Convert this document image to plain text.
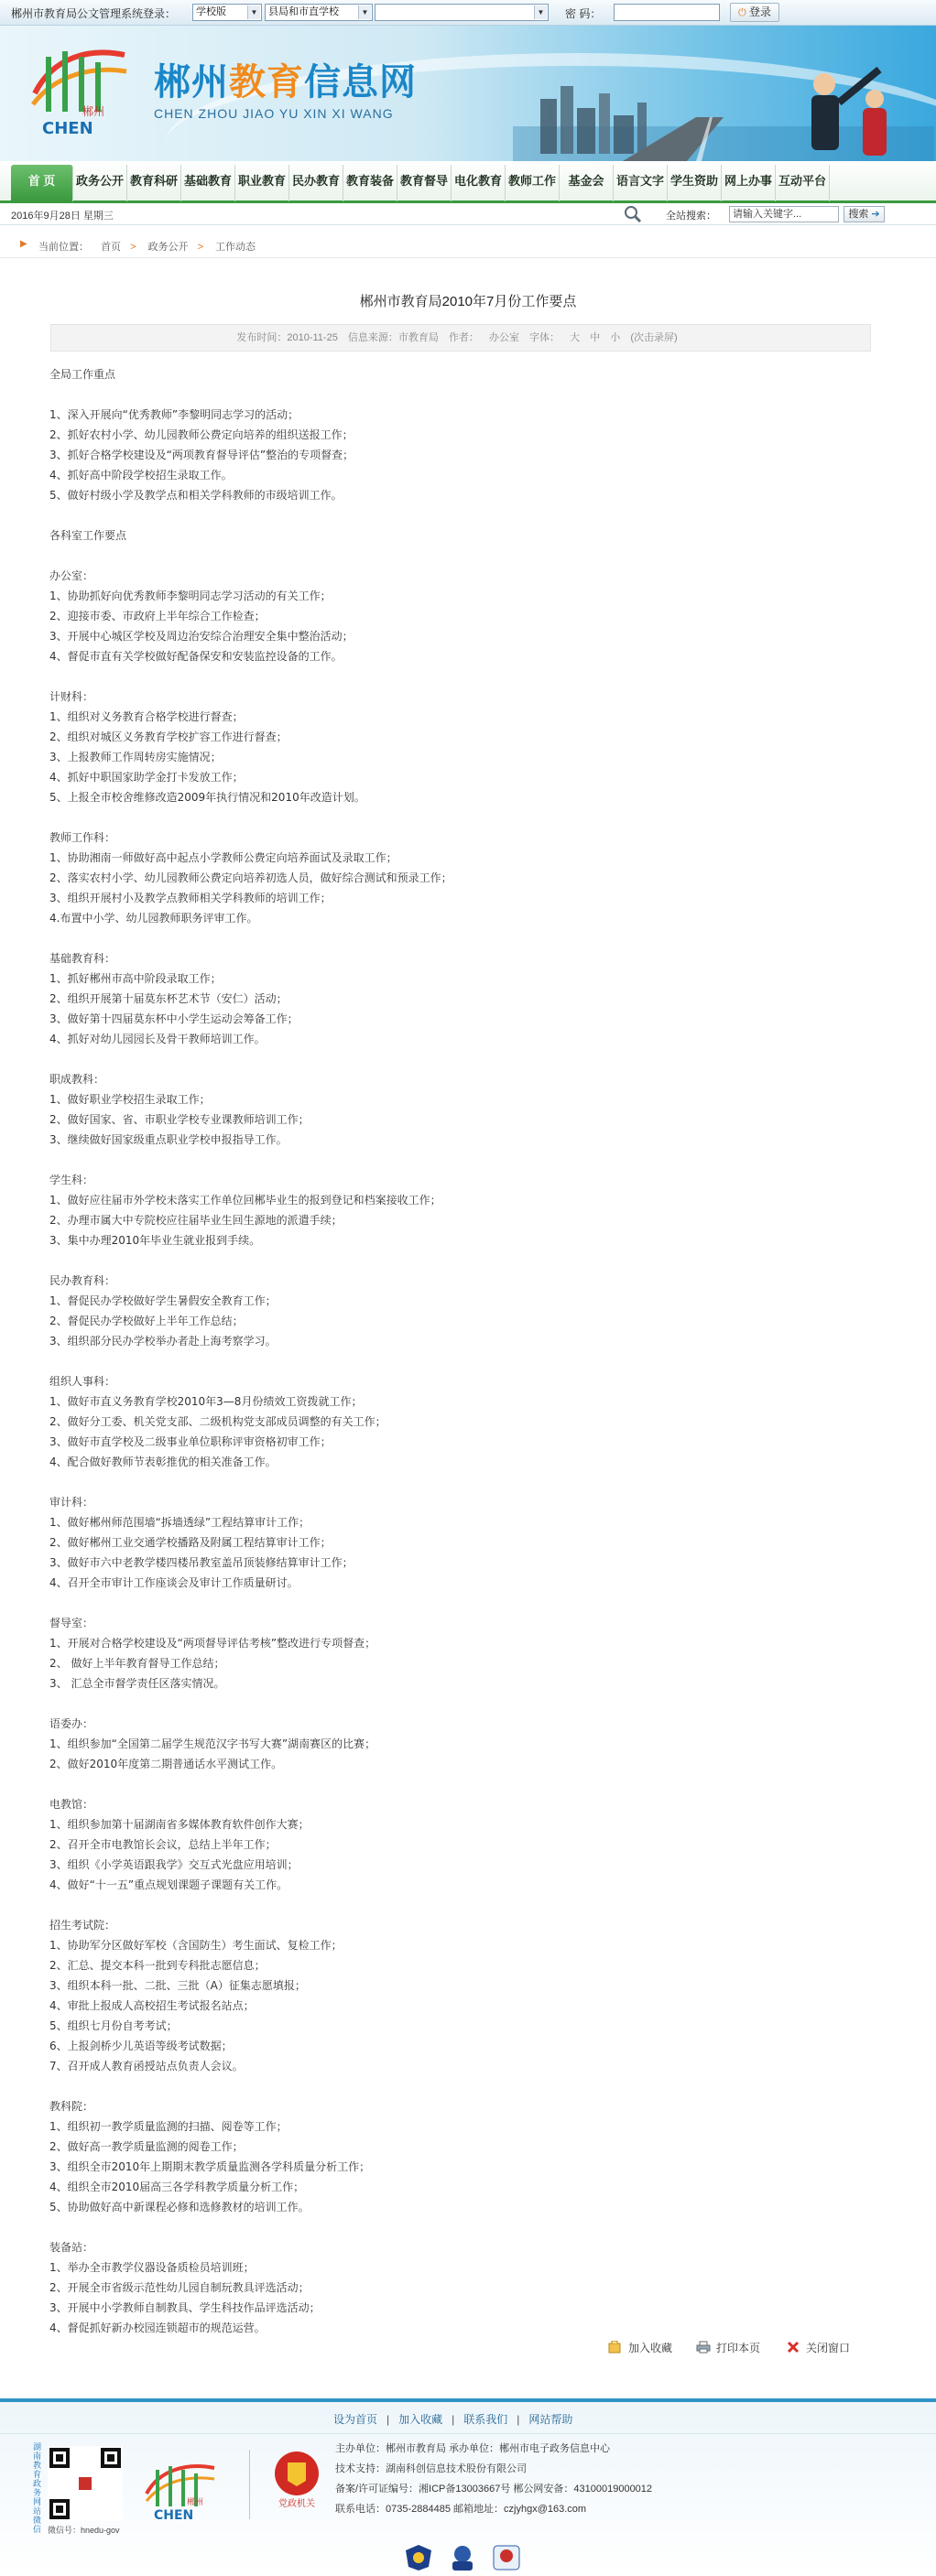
郴州市教育局公文管理系统登录：	学校版	▼	县局和市直学校	▼	▼ 密 码：	⏻ 登录
郴州
CHEN
郴州教育信息网
CHEN ZHOU JIAO YU XIN XI WANG
首 页	政务公开 教育科研 基础教育 职业教育 民办教育 教育装备 教育督导 电化教育 教师工作	基金会	语言文字 学生资助 网上办事 互动平台
2016年9月28日 星期三	全站搜索：	请输入关键字...	搜索 ➔
▶ 当前位置： 首页 > 政务公开 > 工作动态
郴州市教育局2010年7月份工作要点
发布时间：2010-11-25 信息来源：市教育局 作者： 办公室 字体： 大 中 小 (次击录屏)

全局工作重点

1、深入开展向“优秀教师”李黎明同志学习的活动；

2、抓好农村小学、幼儿园教师公费定向培养的组织送报工作；

3、抓好合格学校建设及“两项教育督导评估”整治的专项督查；

4、抓好高中阶段学校招生录取工作。

5、做好村级小学及教学点和相关学科教师的市级培训工作。

各科室工作要点

办公室：

1、协助抓好向优秀教师李黎明同志学习活动的有关工作；

2、迎接市委、市政府上半年综合工作检查；

3、开展中心城区学校及周边治安综合治理安全集中整治活动；

4、督促市直有关学校做好配备保安和安装监控设备的工作。

计财科：

1、组织对义务教育合格学校进行督查；

2、组织对城区义务教育学校扩容工作进行督查；

3、上报教师工作周转房实施情况；

4、抓好中职国家助学金打卡发放工作；

5、上报全市校舍维修改造2009年执行情况和2010年改造计划。

教师工作科：

1、协助湘南一师做好高中起点小学教师公费定向培养面试及录取工作；

2、落实农村小学、幼儿园教师公费定向培养初选人员，做好综合测试和预录工作；

3、组织开展村小及教学点教师相关学科教师的培训工作；

4.布置中小学、幼儿园教师职务评审工作。

基础教育科：

1、抓好郴州市高中阶段录取工作；

2、组织开展第十届莫东杯艺术节（安仁）活动；

3、做好第十四届莫东杯中小学生运动会筹备工作；

4、抓好对幼儿园园长及骨干教师培训工作。

职成教科：

1、做好职业学校招生录取工作；

2、做好国家、省、市职业学校专业课教师培训工作；

3、继续做好国家级重点职业学校申报指导工作。

学生科：

1、做好应往届市外学校未落实工作单位回郴毕业生的报到登记和档案接收工作；

2、办理市属大中专院校应往届毕业生回生源地的派遣手续；

3、集中办理2010年毕业生就业报到手续。

民办教育科：

1、督促民办学校做好学生暑假安全教育工作；

2、督促民办学校做好上半年工作总结；

3、组织部分民办学校举办者赴上海考察学习。

组织人事科：

1、做好市直义务教育学校2010年3—8月份绩效工资拨就工作；

2、做好分工委、机关党支部、二级机构党支部成员调整的有关工作；

3、做好市直学校及二级事业单位职称评审资格初审工作；

4、配合做好教师节表彰推优的相关准备工作。

审计科：

1、做好郴州师范围墙“拆墙透绿”工程结算审计工作；

2、做好郴州工业交通学校播路及附属工程结算审计工作；

3、做好市六中老教学楼四楼吊教室盖吊顶装修结算审计工作；

4、召开全市审计工作座谈会及审计工作质量研讨。

督导室：

1、开展对合格学校建设及“两项督导评估考核”整改进行专项督查；

2、 做好上半年教育督导工作总结；

3、 汇总全市督学责任区落实情况。

语委办：

1、组织参加“全国第二届学生规范汉字书写大赛”湖南赛区的比赛；

2、做好2010年度第二期普通话水平测试工作。

电教馆：

1、组织参加第十届湖南省多媒体教育软件创作大赛；

2、召开全市电教馆长会议，总结上半年工作；

3、组织《小学英语跟我学》交互式光盘应用培训；

4、做好“十一五”重点规划课题子课题有关工作。

招生考试院：

1、协助军分区做好军校（含国防生）考生面试、复检工作；

2、汇总、提交本科一批到专科批志愿信息；

3、组织本科一批、二批、三批（A）征集志愿填报；

4、审批上报成人高校招生考试报名站点；

5、组织七月份自考考试；

6、上报剑桥少儿英语等级考试数据；

7、召开成人教育函授站点负责人会议。

教科院：

1、组织初一教学质量监测的扫描、阅卷等工作；

2、做好高一教学质量监测的阅卷工作；

3、组织全市2010年上期期末教学质量监测各学科质量分析工作；

4、组织全市2010届高三各学科教学质量分析工作；

5、协助做好高中新课程必修和选修教材的培训工作。

装备站：

1、举办全市教学仪器设备质检员培训班；

2、开展全市省级示范性幼儿园自制玩教具评选活动；

3、开展中小学教师自制教具、学生科技作品评选活动；

4、督促抓好新办校园连锁超市的规范运营。

加入收藏	打印本页	关闭窗口
设为首页 | 加入收藏 | 联系我们 | 网站帮助
湖南教育政务网站微信 微信号：hnedu-gov
郴州
CHEN
党政机关
主办单位：郴州市教育局 承办单位：郴州市电子政务信息中心
技术支持：湖南科创信息技术股份有限公司
备案/许可证编号：湘ICP备13003667号 郴公网安备：43100019000012
联系电话：0735-2884485 邮箱地址：czjyhgx@163.com
